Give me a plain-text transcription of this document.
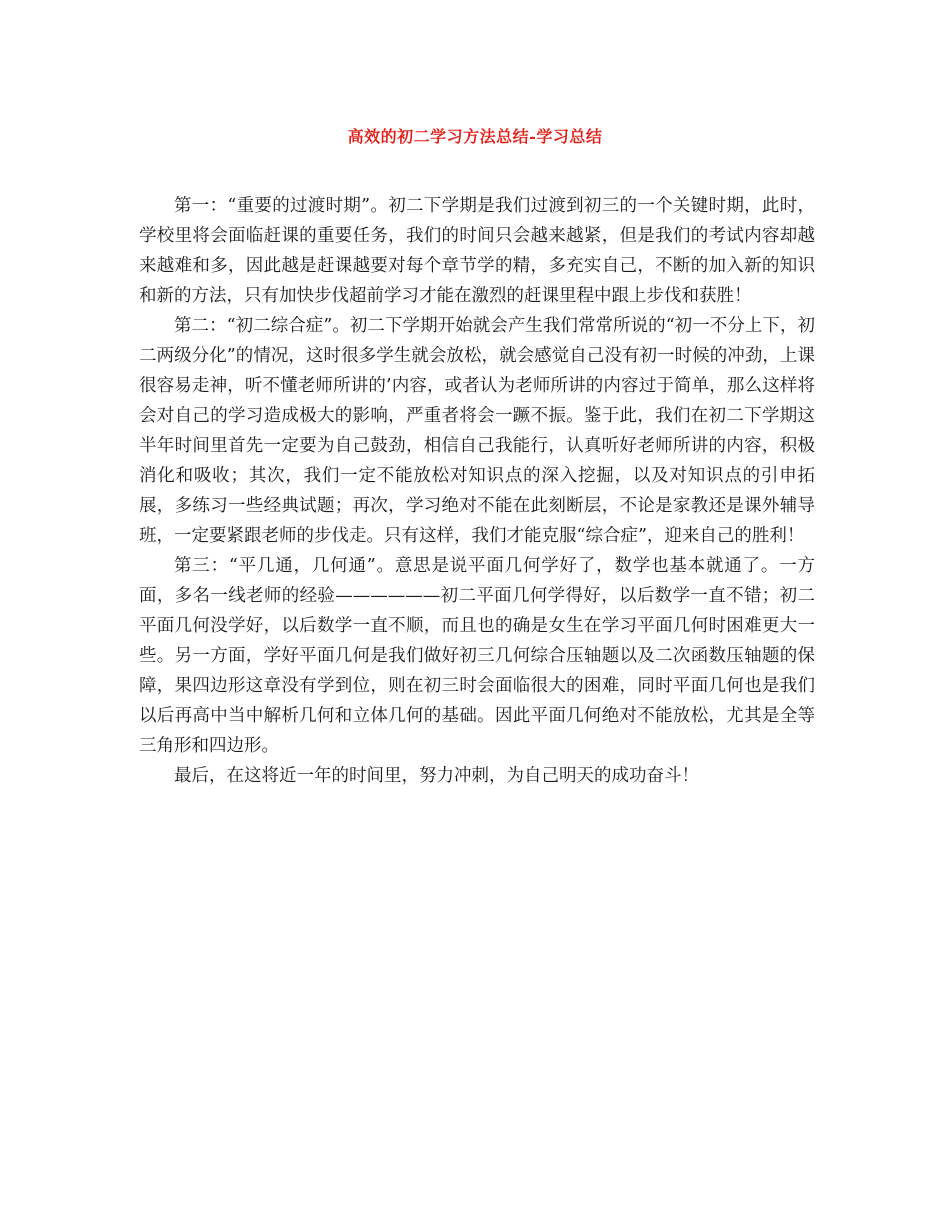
高效的初二学习方法总结-学习总结

第一：“重要的过渡时期”。初二下学期是我们过渡到初三的一个关键时期，此时，学校里将会面临赶课的重要任务，我们的时间只会越来越紧，但是我们的考试内容却越来越难和多，因此越是赶课越要对每个章节学的精，多充实自己，不断的加入新的知识和新的方法，只有加快步伐超前学习才能在激烈的赶课里程中跟上步伐和获胜！

第二：“初二综合症”。初二下学期开始就会产生我们常常所说的“初一不分上下，初二两级分化”的情况，这时很多学生就会放松，就会感觉自己没有初一时候的冲劲，上课很容易走神，听不懂老师所讲的’内容，或者认为老师所讲的内容过于简单，那么这样将会对自己的学习造成极大的影响，严重者将会一蹶不振。鉴于此，我们在初二下学期这半年时间里首先一定要为自己鼓劲，相信自己我能行，认真听好老师所讲的内容，积极消化和吸收；其次，我们一定不能放松对知识点的深入挖掘，以及对知识点的引申拓展，多练习一些经典试题；再次，学习绝对不能在此刻断层，不论是家教还是课外辅导班，一定要紧跟老师的步伐走。只有这样，我们才能克服“综合症”，迎来自己的胜利！

第三：“平几通，几何通”。意思是说平面几何学好了，数学也基本就通了。一方面，多名一线老师的经验——————初二平面几何学得好，以后数学一直不错；初二平面几何没学好，以后数学一直不顺，而且也的确是女生在学习平面几何时困难更大一些。另一方面，学好平面几何是我们做好初三几何综合压轴题以及二次函数压轴题的保障，果四边形这章没有学到位，则在初三时会面临很大的困难，同时平面几何也是我们以后再高中当中解析几何和立体几何的基础。因此平面几何绝对不能放松，尤其是全等三角形和四边形。

最后，在这将近一年的时间里，努力冲刺，为自己明天的成功奋斗！
